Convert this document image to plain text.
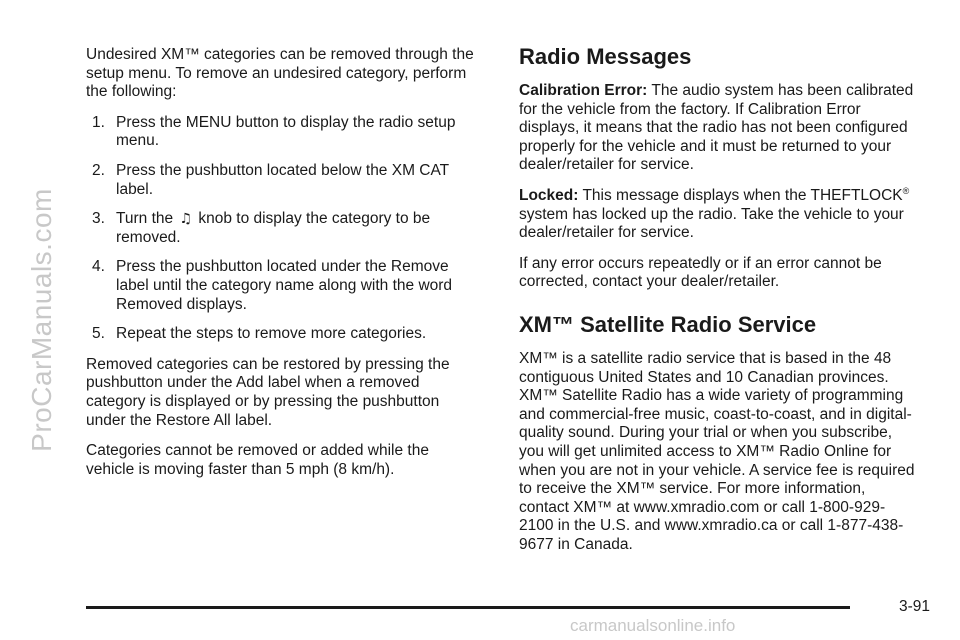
ProCarManuals.com

Undesired XM™ categories can be removed through the setup menu. To remove an undesired category, perform the following:

1. Press the MENU button to display the radio setup menu.
2. Press the pushbutton located below the XM CAT label.
3. Turn the ♫ knob to display the category to be removed.
4. Press the pushbutton located under the Remove label until the category name along with the word Removed displays.
5. Repeat the steps to remove more categories.

Removed categories can be restored by pressing the pushbutton under the Add label when a removed category is displayed or by pressing the pushbutton under the Restore All label.

Categories cannot be removed or added while the vehicle is moving faster than 5 mph (8 km/h).

Radio Messages

Calibration Error: The audio system has been calibrated for the vehicle from the factory. If Calibration Error displays, it means that the radio has not been configured properly for the vehicle and it must be returned to your dealer/retailer for service.

Locked: This message displays when the THEFTLOCK® system has locked up the radio. Take the vehicle to your dealer/retailer for service.

If any error occurs repeatedly or if an error cannot be corrected, contact your dealer/retailer.

XM™ Satellite Radio Service

XM™ is a satellite radio service that is based in the 48 contiguous United States and 10 Canadian provinces. XM™ Satellite Radio has a wide variety of programming and commercial-free music, coast-to-coast, and in digital-quality sound. During your trial or when you subscribe, you will get unlimited access to XM™ Radio Online for when you are not in your vehicle. A service fee is required to receive the XM™ service. For more information, contact XM™ at www.xmradio.com or call 1-800-929-2100 in the U.S. and www.xmradio.ca or call 1-877-438-9677 in Canada.

3-91
carmanualsonline.info
